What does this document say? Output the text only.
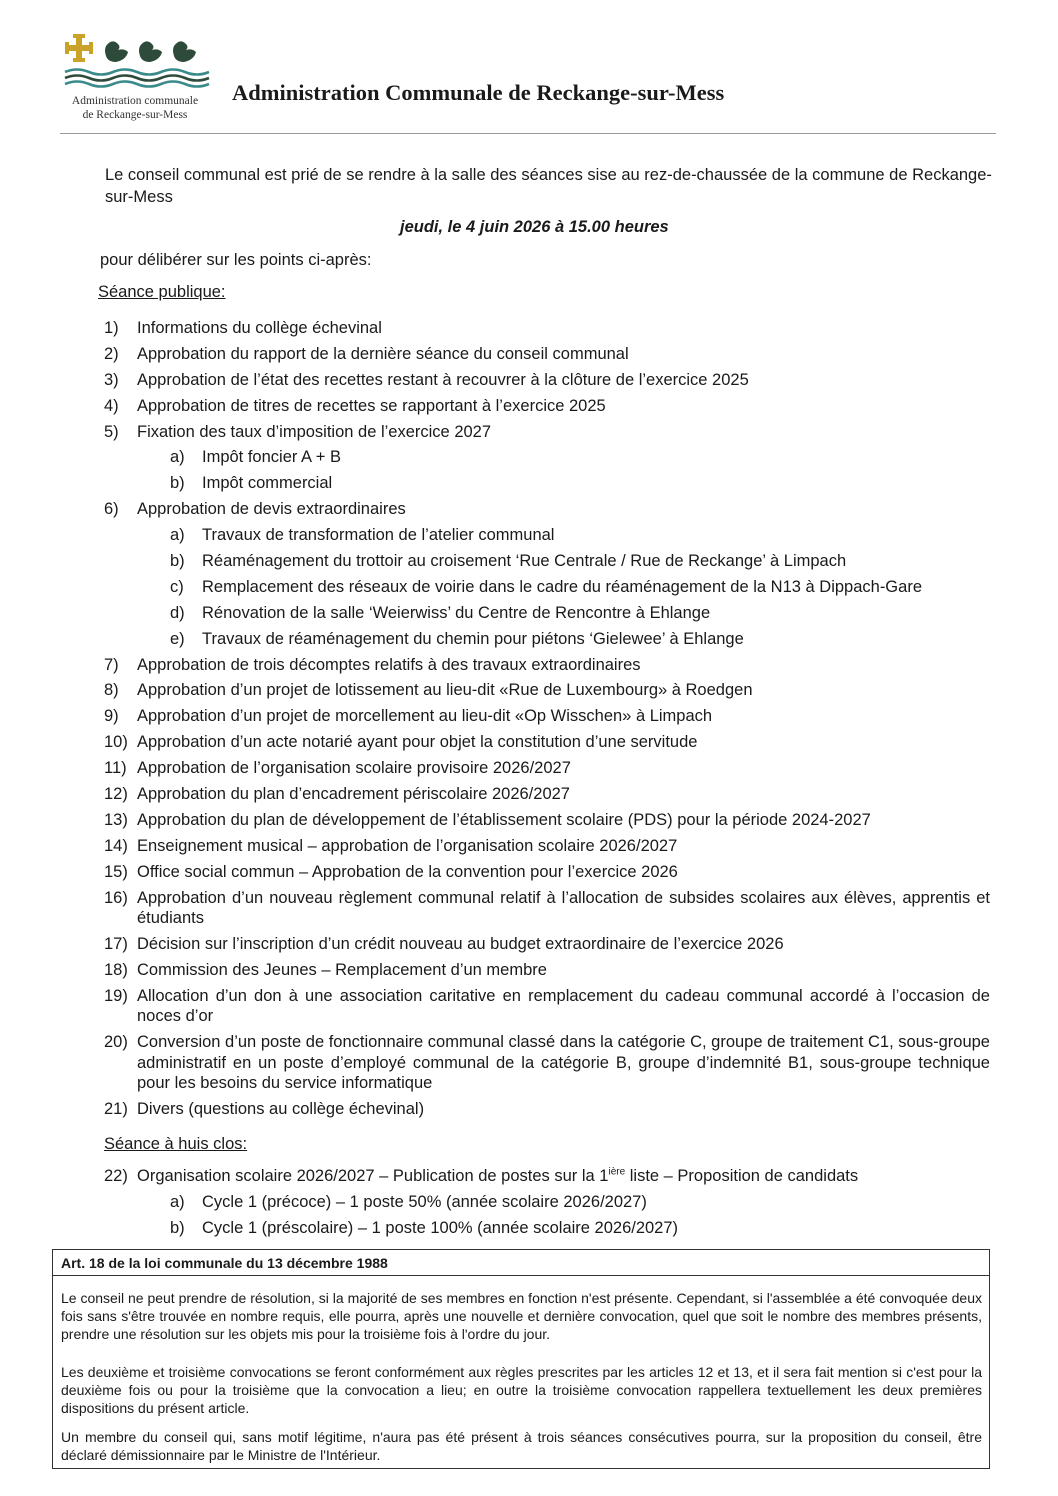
Administration communale
de Reckange-sur-Mess
Administration Communale de Reckange-sur-Mess
Le conseil communal est prié de se rendre à la salle des séances sise au rez-de-chaussée de la commune de Reckange-sur-Mess
jeudi, le 4 juin 2026 à 15.00 heures
pour délibérer sur les points ci-après:
Séance publique:
1) Informations du collège échevinal
2) Approbation du rapport de la dernière séance du conseil communal
3) Approbation de l’état des recettes restant à recouvrer à la clôture de l’exercice 2025
4) Approbation de titres de recettes se rapportant à l’exercice 2025
5) Fixation des taux d’imposition de l’exercice 2027
a) Impôt foncier A + B
b) Impôt commercial
6) Approbation de devis extraordinaires
a) Travaux de transformation de l’atelier communal
b) Réaménagement du trottoir au croisement ‘Rue Centrale / Rue de Reckange’ à Limpach
c) Remplacement des réseaux de voirie dans le cadre du réaménagement de la N13 à Dippach-Gare
d) Rénovation de la salle ‘Weierwiss’ du Centre de Rencontre à Ehlange
e) Travaux de réaménagement du chemin pour piétons ‘Gielewee’ à Ehlange
7) Approbation de trois décomptes relatifs à des travaux extraordinaires
8) Approbation d’un projet de lotissement au lieu-dit «Rue de Luxembourg» à Roedgen
9) Approbation d’un projet de morcellement au lieu-dit «Op Wisschen» à Limpach
10) Approbation d’un acte notarié ayant pour objet la constitution d’une servitude
11) Approbation de l’organisation scolaire provisoire 2026/2027
12) Approbation du plan d’encadrement périscolaire 2026/2027
13) Approbation du plan de développement de l’établissement scolaire (PDS) pour la période 2024-2027
14) Enseignement musical – approbation de l’organisation scolaire 2026/2027
15) Office social commun – Approbation de la convention pour l’exercice 2026
16) Approbation d’un nouveau règlement communal relatif à l’allocation de subsides scolaires aux élèves, apprentis et étudiants
17) Décision sur l’inscription d’un crédit nouveau au budget extraordinaire de l’exercice 2026
18) Commission des Jeunes – Remplacement d’un membre
19) Allocation d’un don à une association caritative en remplacement du cadeau communal accordé à l’occasion de noces d’or
20) Conversion d’un poste de fonctionnaire communal classé dans la catégorie C, groupe de traitement C1, sous-groupe administratif en un poste d’employé communal de la catégorie B, groupe d’indemnité B1, sous-groupe technique pour les besoins du service informatique
21) Divers (questions au collège échevinal)
Séance à huis clos:
22) Organisation scolaire 2026/2027 – Publication de postes sur la $1^{ière}$ liste – Proposition de candidats
a) Cycle 1 (précoce) – 1 poste 50% (année scolaire 2026/2027)
b) Cycle 1 (préscolaire) – 1 poste 100% (année scolaire 2026/2027)
Art. 18 de la loi communale du 13 décembre 1988

Le conseil ne peut prendre de résolution, si la majorité de ses membres en fonction n'est présente. Cependant, si l'assemblée a été convoquée deux fois sans s'être trouvée en nombre requis, elle pourra, après une nouvelle et dernière convocation, quel que soit le nombre des membres présents, prendre une résolution sur les objets mis pour la troisième fois à l'ordre du jour.

Les deuxième et troisième convocations se feront conformément aux règles prescrites par les articles 12 et 13, et il sera fait mention si c'est pour la deuxième fois ou pour la troisième que la convocation a lieu; en outre la troisième convocation rappellera textuellement les deux premières dispositions du présent article.

Un membre du conseil qui, sans motif légitime, n'aura pas été présent à trois séances consécutives pourra, sur la proposition du conseil, être déclaré démissionnaire par le Ministre de l'Intérieur.
